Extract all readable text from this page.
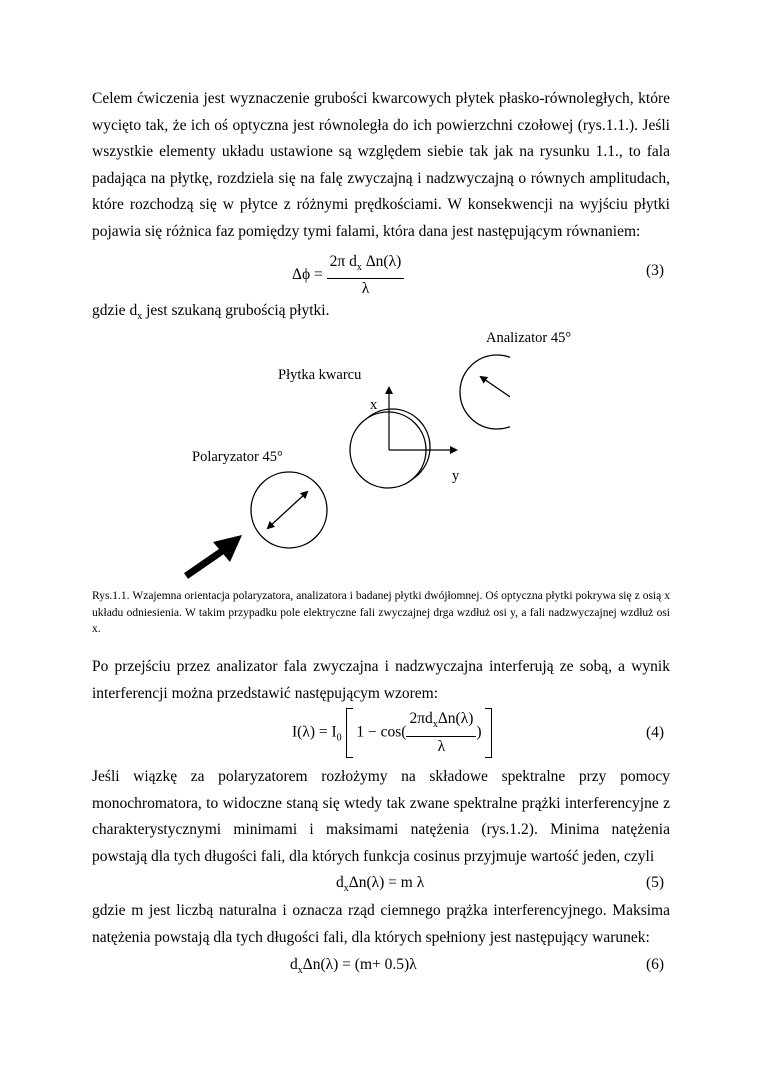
Celem ćwiczenia jest wyznaczenie grubości kwarcowych płytek płasko-równoległych, które wycięto tak, że ich oś optyczna jest równoległa do ich powierzchni czołowej (rys.1.1.). Jeśli wszystkie elementy układu ustawione są względem siebie tak jak na rysunku 1.1., to fala padająca na płytkę, rozdziela się na falę zwyczajną i nadzwyczajną o równych amplitudach, które rozchodzą się w płytce z różnymi prędkościami. W konsekwencji na wyjściu płytki pojawia się różnica faz pomiędzy tymi falami, która dana jest następującym równaniem:

$\Delta\phi = \frac{2\pi d_x \Delta n(\lambda)}{\lambda}$	(3)

gdzie $d_x$ jest szukaną grubością płytki.

Analizator 45°
Płytka kwarcu
Polaryzator 45°
x
y

Rys.1.1. Wzajemna orientacja polaryzatora, analizatora i badanej płytki dwójłomnej. Oś optyczna płytki pokrywa się z osią x układu odniesienia. W takim przypadku pole elektryczne fali zwyczajnej drga wzdłuż osi y, a fali nadzwyczajnej wzdłuż osi x.

Po przejściu przez analizator fala zwyczajna i nadzwyczajna interferują ze sobą, a wynik interferencji można przedstawić następującym wzorem:

$I(\lambda) = I_0$ $1 - \cos( \frac{2\pi d_x\Delta n(\lambda)}{\lambda}$ )	(4)

Jeśli wiązkę za polaryzatorem rozłożymy na składowe spektralne przy pomocy monochromatora, to widoczne staną się wtedy tak zwane spektralne prążki interferencyjne z charakterystycznymi minimami i maksimami natężenia (rys.1.2). Minima natężenia powstają dla tych długości fali, dla których funkcja cosinus przyjmuje wartość jeden, czyli

$d_x\Delta n(\lambda) = m$ λ	(5)

gdzie m jest liczbą naturalna i oznacza rząd ciemnego prążka interferencyjnego. Maksima natężenia powstają dla tych długości fali, dla których spełniony jest następujący warunek:

$d_x\Delta n(\lambda) = (m+ 0.5)\lambda$	(6)
